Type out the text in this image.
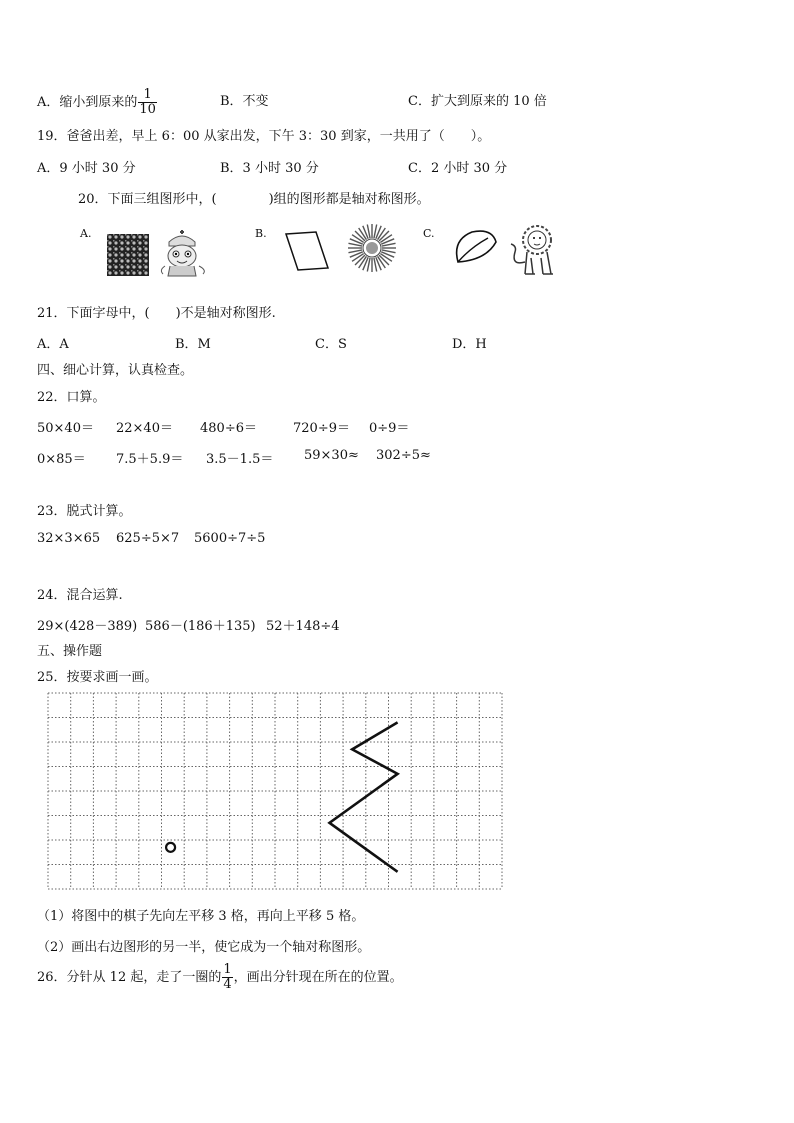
A．缩小到原来的 $\frac{1}{10}$	B．不变	C．扩大到原来的 10 倍
19．爸爸出差，早上 6：00 从家出发，下午 3：30 到家，一共用了（　　）。
A．9 小时 30 分	B．3 小时 30 分	C．2 小时 30 分
20．下面三组图形中，(　　　　)组的图形都是轴对称图形。
A.	B.	C.
21．下面字母中，(　　)不是轴对称图形.
A．A	B．M	C．S	D．H
四、细心计算，认真检查。
22．口算。
50×40＝ 22×40＝ 480÷6＝	720÷9＝ 0÷9＝
0×85＝ 7.5＋5.9＝ 3.5－1.5＝ 59×30≈ 302÷5≈
23．脱式计算。
32×3×65 625÷5×7 5600÷7÷5
24．混合运算.
29×(428－389) 586－(186＋135) 52＋148÷4
五、操作题
25．按要求画一画。
（1）将图中的棋子先向左平移 3 格，再向上平移 5 格。
（2）画出右边图形的另一半，使它成为一个轴对称图形。
26．分针从 12 起，走了一圈的 $\frac{1}{4}$ ，画出分针现在所在的位置。
